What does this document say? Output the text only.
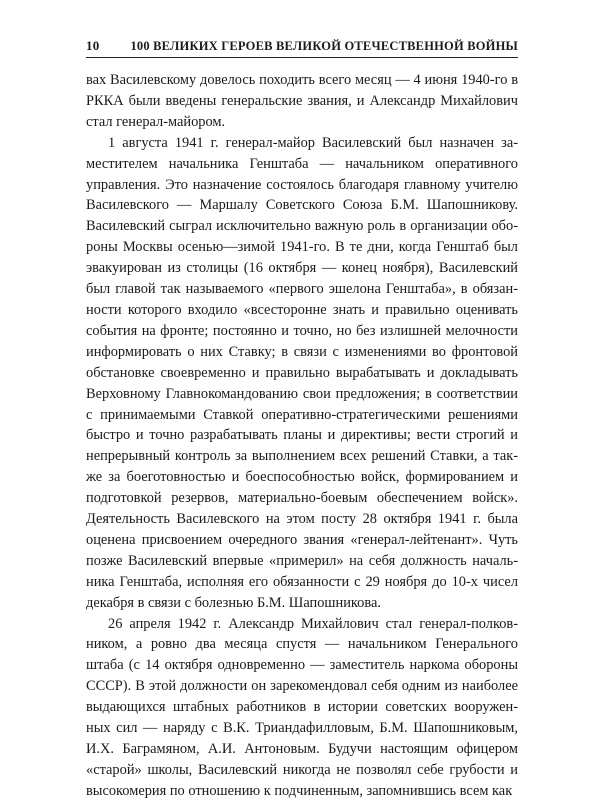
10 100 ВЕЛИКИХ ГЕРОЕВ ВЕЛИКОЙ ОТЕЧЕСТВЕННОЙ ВОЙНЫ

вах Василевскому довелось походить всего месяц — 4 июня 1940-го в
РККА были введены генеральские звания, и Александр Михайлович
стал генерал-майором.

1 августа 1941 г. генерал-майор Василевский был назначен за-
местителем начальника Генштаба — начальником оперативного
управления. Это назначение состоялось благодаря главному учителю
Василевского — Маршалу Советского Союза Б.М. Шапошникову.
Василевский сыграл исключительно важную роль в организации обо-
роны Москвы осенью—зимой 1941-го. В те дни, когда Генштаб был
эвакуирован из столицы (16 октября — конец ноября), Василевский
был главой так называемого «первого эшелона Генштаба», в обязан-
ности которого входило «всесторонне знать и правильно оценивать
события на фронте; постоянно и точно, но без излишней мелочности
информировать о них Ставку; в связи с изменениями во фронтовой
обстановке своевременно и правильно вырабатывать и докладывать
Верховному Главнокомандованию свои предложения; в соответствии
с принимаемыми Ставкой оперативно-стратегическими решениями
быстро и точно разрабатывать планы и директивы; вести строгий и
непрерывный контроль за выполнением всех решений Ставки, а так-
же за боеготовностью и боеспособностью войск, формированием и
подготовкой резервов, материально-боевым обеспечением войск».
Деятельность Василевского на этом посту 28 октября 1941 г. была
оценена присвоением очередного звания «генерал-лейтенант». Чуть
позже Василевский впервые «примерил» на себя должность началь-
ника Генштаба, исполняя его обязанности с 29 ноября до 10-х чисел
декабря в связи с болезнью Б.М. Шапошникова.

26 апреля 1942 г. Александр Михайлович стал генерал-полков-
ником, а ровно два месяца спустя — начальником Генерального
штаба (с 14 октября одновременно — заместитель наркома обороны
СССР). В этой должности он зарекомендовал себя одним из наиболее
выдающихся штабных работников в истории советских вооружен-
ных сил — наряду с В.К. Триандафилловым, Б.М. Шапошниковым,
И.Х. Баграмяном, А.И. Антоновым. Будучи настоящим офицером
«старой» школы, Василевский никогда не позволял себе грубости и
высокомерия по отношению к подчиненным, запомнившись всем как
